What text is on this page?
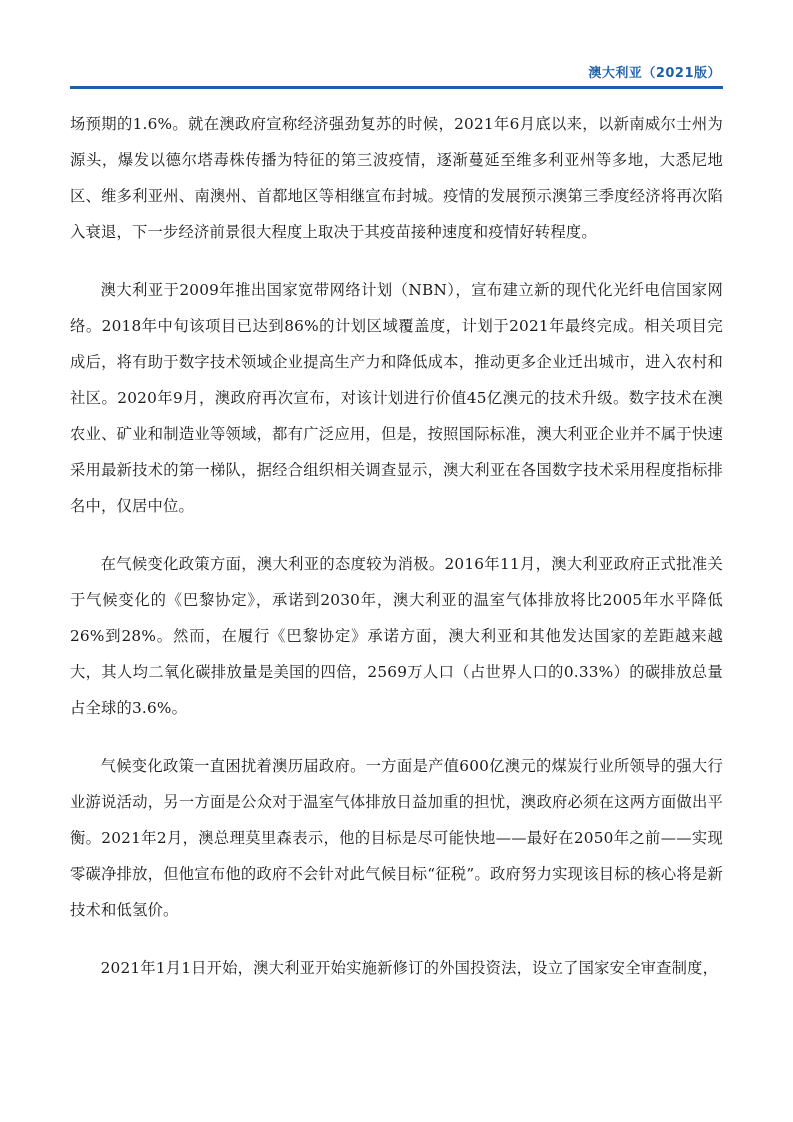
澳大利亚（2021版）

场预期的1.6%。就在澳政府宣称经济强劲复苏的时候，2021年6月底以来，以新南威尔士州为源头，爆发以德尔塔毒株传播为特征的第三波疫情，逐渐蔓延至维多利亚州等多地，大悉尼地区、维多利亚州、南澳州、首都地区等相继宣布封城。疫情的发展预示澳第三季度经济将再次陷入衰退，下一步经济前景很大程度上取决于其疫苗接种速度和疫情好转程度。

澳大利亚于2009年推出国家宽带网络计划（NBN），宣布建立新的现代化光纤电信国家网络。2018年中旬该项目已达到86%的计划区域覆盖度，计划于2021年最终完成。相关项目完成后，将有助于数字技术领域企业提高生产力和降低成本，推动更多企业迁出城市，进入农村和社区。2020年9月，澳政府再次宣布，对该计划进行价值45亿澳元的技术升级。数字技术在澳农业、矿业和制造业等领域，都有广泛应用，但是，按照国际标准，澳大利亚企业并不属于快速采用最新技术的第一梯队，据经合组织相关调查显示，澳大利亚在各国数字技术采用程度指标排名中，仅居中位。

在气候变化政策方面，澳大利亚的态度较为消极。2016年11月，澳大利亚政府正式批准关于气候变化的《巴黎协定》，承诺到2030年，澳大利亚的温室气体排放将比2005年水平降低26%到28%。然而，在履行《巴黎协定》承诺方面，澳大利亚和其他发达国家的差距越来越大，其人均二氧化碳排放量是美国的四倍，2569万人口（占世界人口的0.33%）的碳排放总量占全球的3.6%。

气候变化政策一直困扰着澳历届政府。一方面是产值600亿澳元的煤炭行业所领导的强大行业游说活动，另一方面是公众对于温室气体排放日益加重的担忧，澳政府必须在这两方面做出平衡。2021年2月，澳总理莫里森表示，他的目标是尽可能快地——最好在2050年之前——实现零碳净排放，但他宣布他的政府不会针对此气候目标“征税”。政府努力实现该目标的核心将是新技术和低氢价。

2021年1月1日开始，澳大利亚开始实施新修订的外国投资法，设立了国家安全审查制度，
